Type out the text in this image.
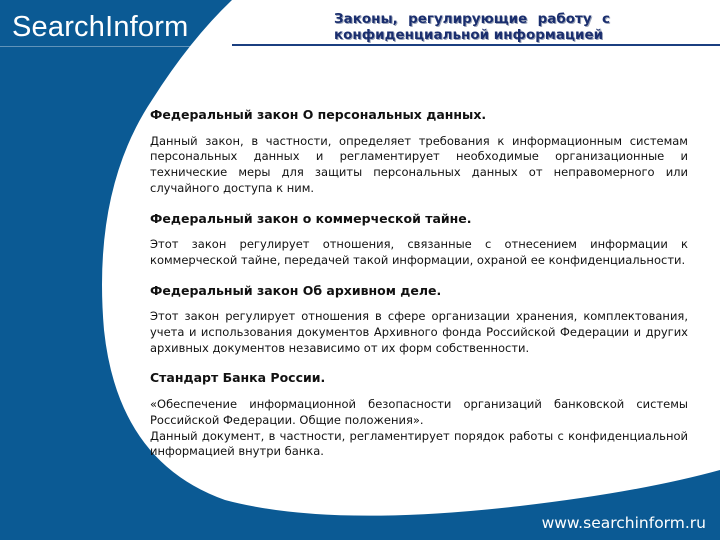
SearchInform	Законы, регулирующие работу с конфиденциальной информацией
Федеральный закон О персональных данных.

Данный закон, в частности, определяет требования к информационным системам персональных данных и регламентирует необходимые организационные и технические меры для защиты персональных данных от неправомерного или случайного доступа к ним.

Федеральный закон о коммерческой тайне.

Этот закон регулирует отношения, связанные с отнесением информации к коммерческой тайне, передачей такой информации, охраной ее конфиденциальности.

Федеральный закон Об архивном деле.

Этот закон регулирует отношения в сфере организации хранения, комплектования, учета и использования документов Архивного фонда Российской Федерации и других архивных документов независимо от их форм собственности.

Стандарт Банка России.

«Обеспечение информационной безопасности организаций банковской системы Российской Федерации. Общие положения».

Данный документ, в частности, регламентирует порядок работы с конфиденциальной информацией внутри банка.

www.searchinform.ru
